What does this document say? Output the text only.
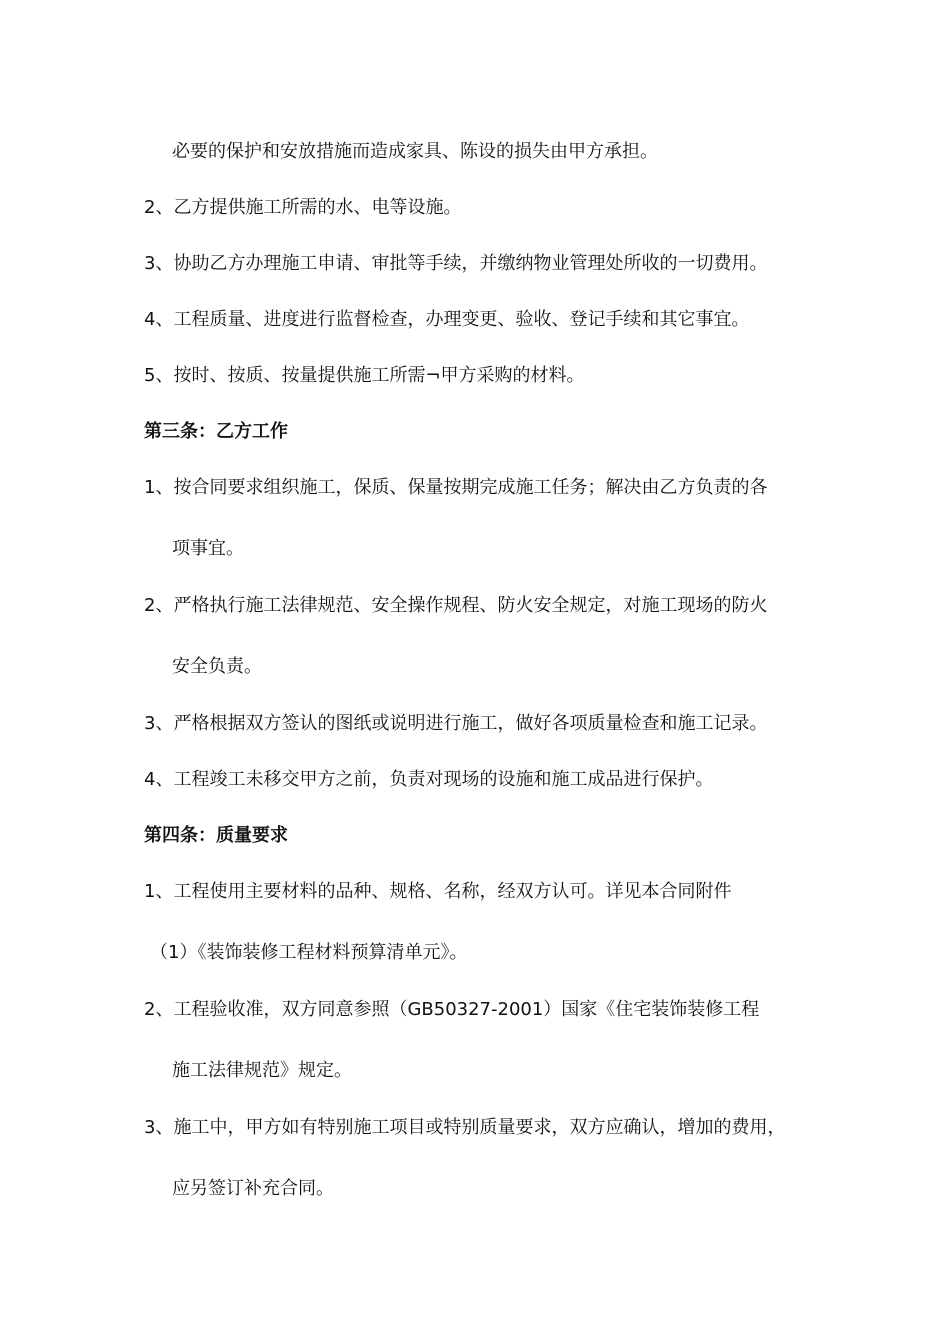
必要的保护和安放措施而造成家具、陈设的损失由甲方承担。
2、乙方提供施工所需的水、电等设施。
3、协助乙方办理施工申请、审批等手续，并缴纳物业管理处所收的一切费用。
4、工程质量、进度进行监督检查，办理变更、验收、登记手续和其它事宜。
5、按时、按质、按量提供施工所需¬甲方采购的材料。
第三条：乙方工作
1、按合同要求组织施工，保质、保量按期完成施工任务；解决由乙方负责的各
项事宜。
2、严格执行施工法律规范、安全操作规程、防火安全规定，对施工现场的防火
安全负责。
3、严格根据双方签认的图纸或说明进行施工，做好各项质量检查和施工记录。
4、工程竣工未移交甲方之前，负责对现场的设施和施工成品进行保护。
第四条：质量要求
1、工程使用主要材料的品种、规格、名称，经双方认可。详见本合同附件
（1）《装饰装修工程材料预算清单元》。
2、工程验收准，双方同意参照（GB50327-2001）国家《住宅装饰装修工程
施工法律规范》规定。
3、施工中，甲方如有特别施工项目或特别质量要求，双方应确认，增加的费用，
应另签订补充合同。
